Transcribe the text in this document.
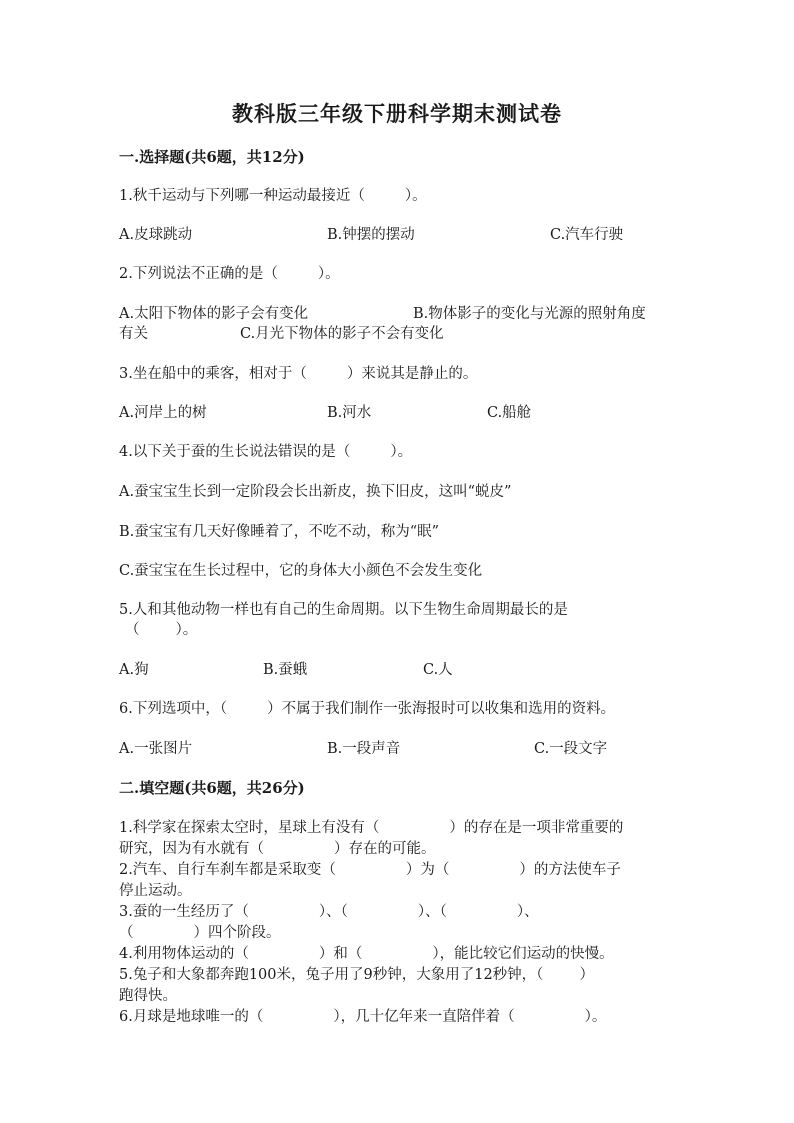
教科版三年级下册科学期末测试卷
一.选择题(共6题，共12分)
1.秋千运动与下列哪一种运动最接近（	）。
A.皮球跳动	B.钟摆的摆动	C.汽车行驶
2.下列说法不正确的是（	）。
A.太阳下物体的影子会有变化	B.物体影子的变化与光源的照射角度
有关	C.月光下物体的影子不会有变化
3.坐在船中的乘客，相对于（	）来说其是静止的。
A.河岸上的树	B.河水	C.船舱
4.以下关于蚕的生长说法错误的是（	）。
A.蚕宝宝生长到一定阶段会长出新皮，换下旧皮，这叫“蜕皮”
B.蚕宝宝有几天好像睡着了，不吃不动，称为“眠”
C.蚕宝宝在生长过程中，它的身体大小颜色不会发生变化
5.人和其他动物一样也有自己的生命周期。以下生物生命周期最长的是
（ ）。
A.狗	B.蚕蛾	C.人
6.下列选项中，（	）不属于我们制作一张海报时可以收集和选用的资料。
A.一张图片	B.一段声音	C.一段文字
二.填空题(共6题，共26分)
1.科学家在探索太空时，星球上有没有（	）的存在是一项非常重要的
研究，因为有水就有（	）存在的可能。
2.汽车、自行车刹车都是采取变（	）为（	）的方法使车子
停止运动。
3.蚕的一生经历了（	）、（	）、（	）、
（	）四个阶段。
4.利用物体运动的（	）和（	），能比较它们运动的快慢。
5.兔子和大象都奔跑100米，兔子用了9秒钟，大象用了12秒钟，（ ）
跑得快。
6.月球是地球唯一的（	），几十亿年来一直陪伴着（	）。
